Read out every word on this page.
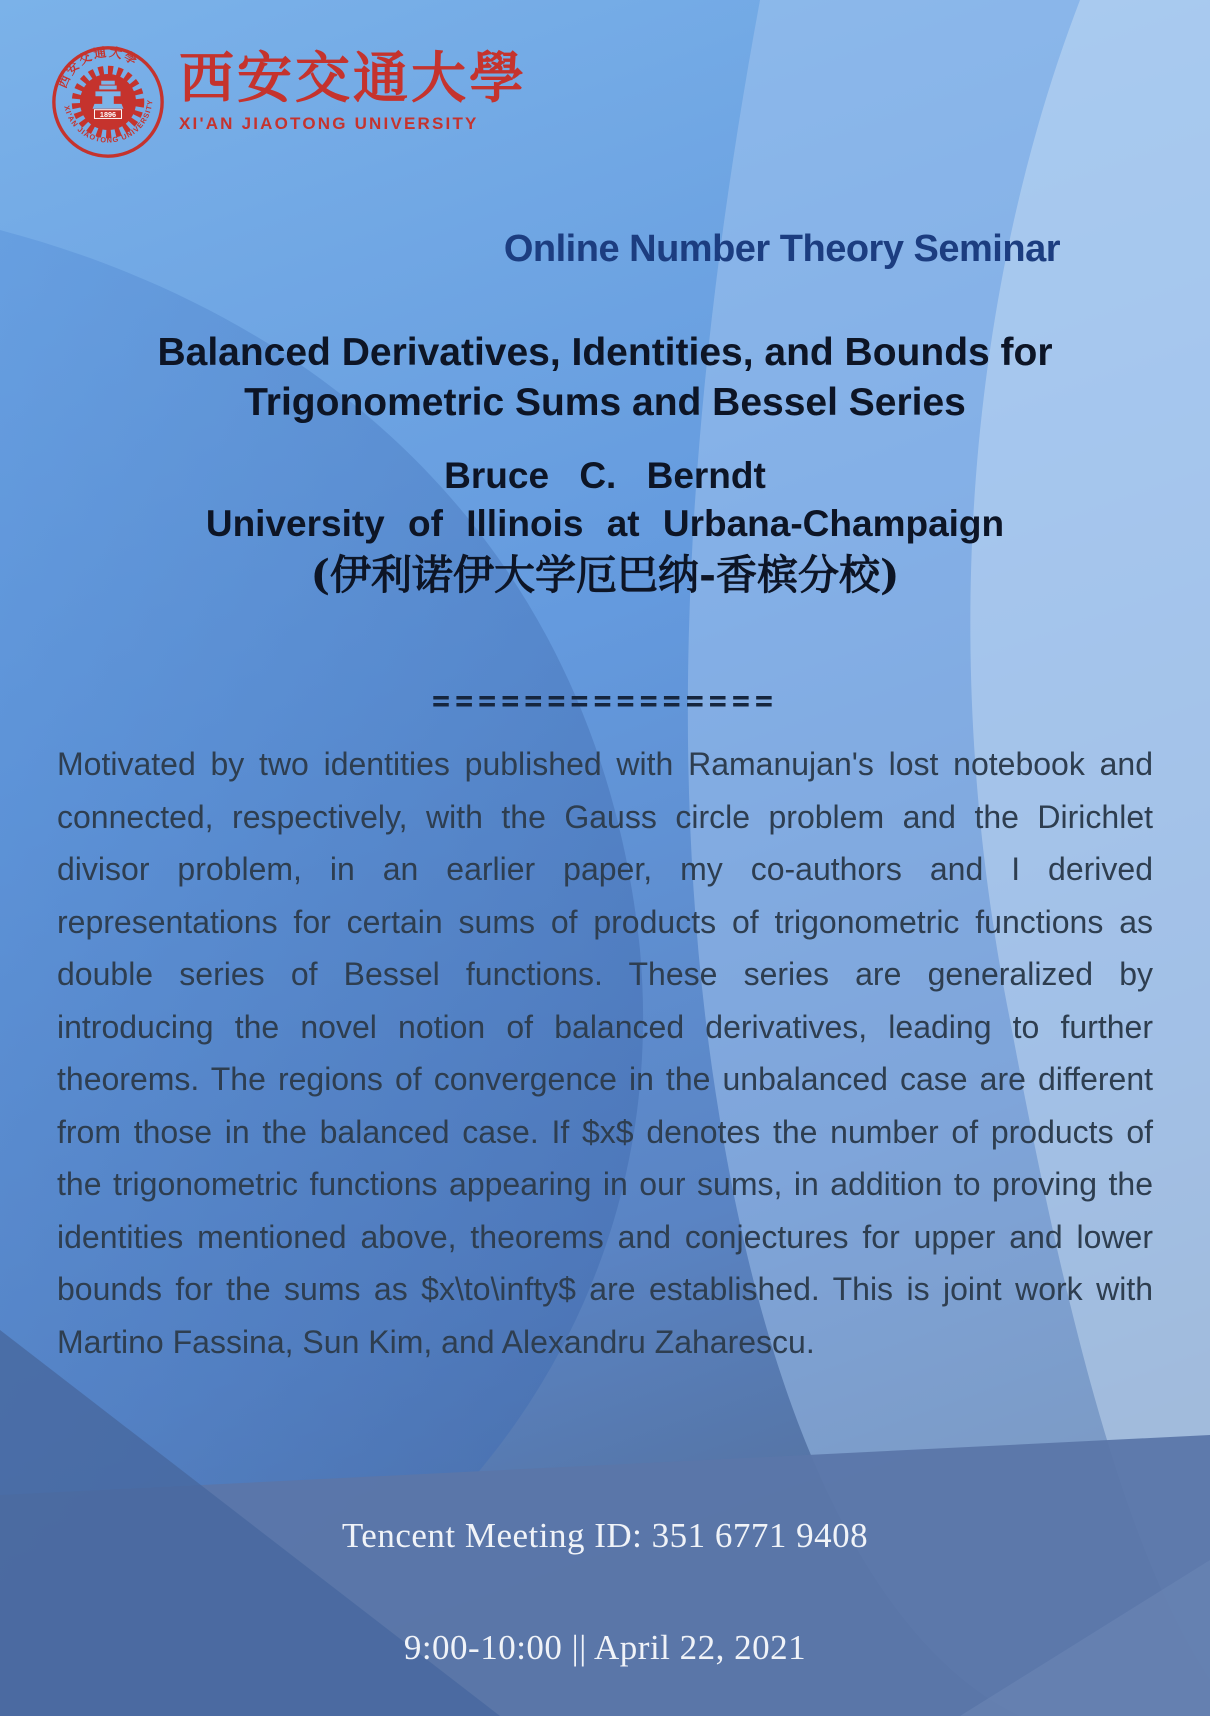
1896
西安交通大學
XI'AN JIAOTONG UNIVERSITY 西安交通大學
XI'AN JIAOTONG UNIVERSITY
Online Number Theory Seminar
Balanced Derivatives, Identities, and Bounds for
Trigonometric Sums and Bessel Series
Bruce C. Berndt
University of Illinois at Urbana-Champaign
(伊利诺伊大学厄巴纳-香槟分校)
===============
Motivated by two identities published with Ramanujan's lost notebook and connected, respectively, with the Gauss circle problem and the Dirichlet divisor problem, in an earlier paper, my co-authors and I derived representations for certain sums of products of trigonometric functions as double series of Bessel functions. These series are generalized by introducing the novel notion of balanced derivatives, leading to further theorems. The regions of convergence in the unbalanced case are different from those in the balanced case. If $x$ denotes the number of products of the trigonometric functions appearing in our sums, in addition to proving the identities mentioned above, theorems and conjectures for upper and lower bounds for the sums as $x\to\infty$ are established. This is joint work with Martino Fassina, Sun Kim, and Alexandru Zaharescu.
Tencent Meeting ID: 351 6771 9408
9:00-10:00 || April 22, 2021
